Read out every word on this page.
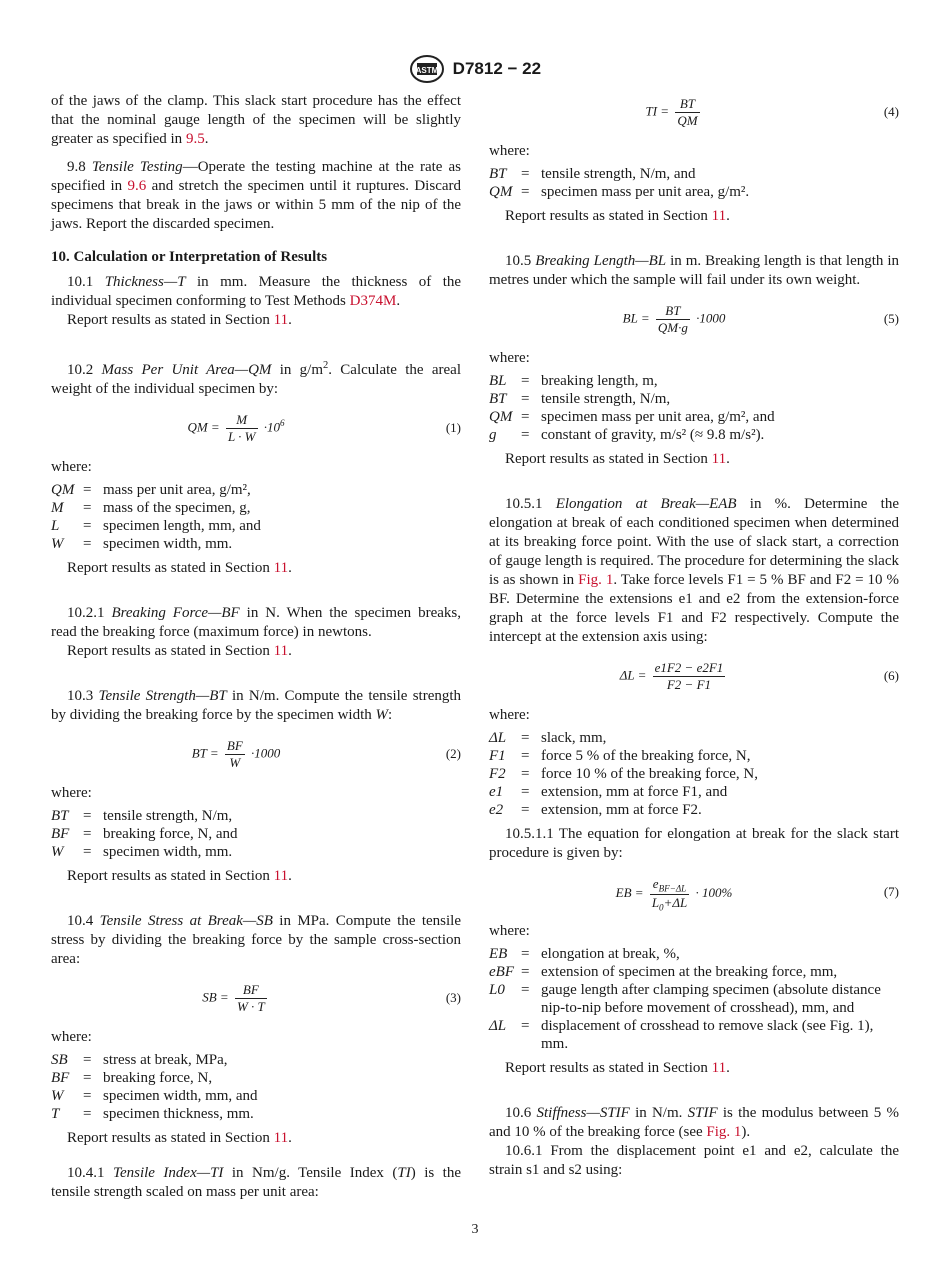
ASTM D7812 − 22

of the jaws of the clamp. This slack start procedure has the effect that the nominal gauge length of the specimen will be slightly greater as specified in 9.5.

9.8 Tensile Testing—Operate the testing machine at the rate as specified in 9.6 and stretch the specimen until it ruptures. Discard specimens that break in the jaws or within 5 mm of the nip of the jaws. Report the discarded specimen.

10. Calculation or Interpretation of Results

10.1 Thickness—T in mm. Measure the thickness of the individual specimen conforming to Test Methods D374M.

Report results as stated in Section 11.

10.2 Mass Per Unit Area—QM in $g/m^2$. Calculate the areal weight of the individual specimen by:

QM = $\frac{M}{L \cdot W} \cdot 10^6$	(1)

where:

QM	=	mass per unit area, g/m²,
M	=	mass of the specimen, g,
L	=	specimen length, mm, and
W	=	specimen width, mm.

Report results as stated in Section 11.

10.2.1 Breaking Force—BF in N. When the specimen breaks, read the breaking force (maximum force) in newtons.

Report results as stated in Section 11.

10.3 Tensile Strength—BT in N/m. Compute the tensile strength by dividing the breaking force by the specimen width W:

BT = $\frac{BF}{W} \cdot 1000$	(2)

where:

BT	=	tensile strength, N/m,
BF	=	breaking force, N, and
W	=	specimen width, mm.

Report results as stated in Section 11.

10.4 Tensile Stress at Break—SB in MPa. Compute the tensile stress by dividing the breaking force by the sample cross-section area:

SB = $\frac{BF}{W \cdot T}$	(3)

where:

SB	=	stress at break, MPa,
BF	=	breaking force, N,
W	=	specimen width, mm, and
T	=	specimen thickness, mm.

Report results as stated in Section 11.

10.4.1 Tensile Index—TI in Nm/g. Tensile Index (TI) is the tensile strength scaled on mass per unit area:

TI = $\frac{BT}{QM}$	(4)

where:

BT	=	tensile strength, N/m, and
QM	=	specimen mass per unit area, g/m².

Report results as stated in Section 11.

10.5 Breaking Length—BL in m. Breaking length is that length in metres under which the sample will fail under its own weight.

BL = $\frac{BT}{QM\cdot g} \cdot 1000$	(5)

where:

BL	=	breaking length, m,
BT	=	tensile strength, N/m,
QM	=	specimen mass per unit area, g/m², and
g	=	constant of gravity, m/s² (≈ 9.8 m/s²).

Report results as stated in Section 11.

10.5.1 Elongation at Break—EAB in %. Determine the elongation at break of each conditioned specimen when determined at its breaking force point. With the use of slack start, a correction of gauge length is required. The procedure for determining the slack is as shown in Fig. 1. Take force levels F1 = 5 % BF and F2 = 10 % BF. Determine the extensions e1 and e2 from the extension-force graph at the force levels F1 and F2 respectively. Compute the intercept at the extension axis using:

$\Delta L = \frac{e1F2 - e2F1}{F2 - F1}$	(6)

where:

ΔL	=	slack, mm,
F1	=	force 5 % of the breaking force, N,
F2	=	force 10 % of the breaking force, N,
e1	=	extension, mm at force F1, and
e2	=	extension, mm at force F2.

10.5.1.1 The equation for elongation at break for the slack start procedure is given by:

EB = $\frac{e_{BF-\Delta L}}{L_0+\Delta L} \cdot 100\%$	(7)

where:

EB	=	elongation at break, %,
eBF	=	extension of specimen at the breaking force, mm,
L0	=	gauge length after clamping specimen (absolute distance nip-to-nip before movement of crosshead), mm, and
ΔL	=	displacement of crosshead to remove slack (see Fig. 1), mm.

Report results as stated in Section 11.

10.6 Stiffness—STIF in N/m. STIF is the modulus between 5 % and 10 % of the breaking force (see Fig. 1).

10.6.1 From the displacement point e1 and e2, calculate the strain s1 and s2 using:

3
